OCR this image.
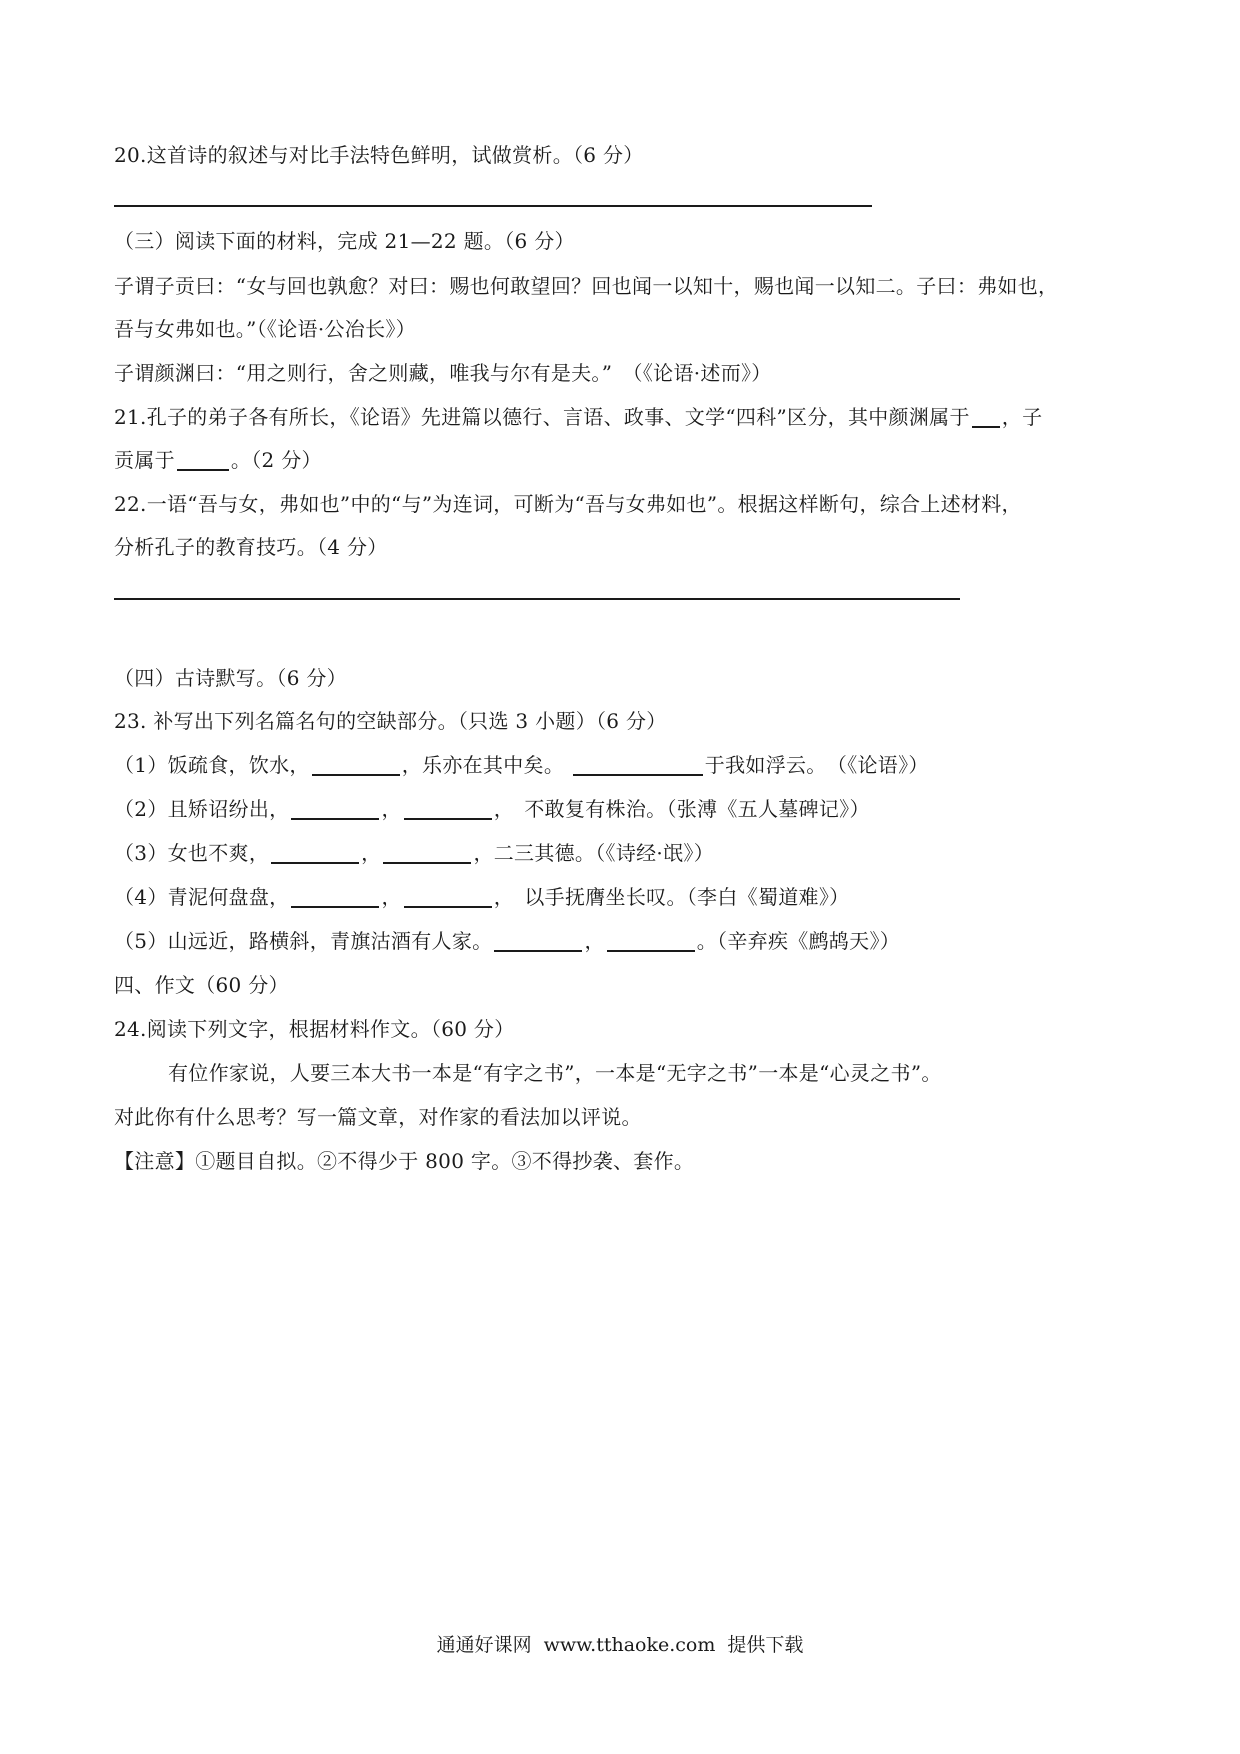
20.这首诗的叙述与对比手法特色鲜明，试做赏析。（6 分）

（三）阅读下面的材料，完成 21—22 题。（6 分）

子谓子贡曰：“女与回也孰愈？对曰：赐也何敢望回？回也闻一以知十，赐也闻一以知二。子曰：弗如也，

吾与女弗如也。”（《论语·公冶长》）

子谓颜渊曰：“用之则行，舍之则藏，唯我与尔有是夫。”　（《论语·述而》）

21.孔子的弟子各有所长，《论语》先进篇以德行、言语、政事、文学“四科”区分，其中颜渊属于 ，子

贡属于	。（2 分）

22.一语“吾与女，弗如也”中的“与”为连词，可断为“吾与女弗如也”。根据这样断句，综合上述材料，

分析孔子的教育技巧。（4 分）

（四）古诗默写。（6 分）

23. 补写出下列名篇名句的空缺部分。（只选 3 小题）（6 分）

（1）饭疏食，饮水，	，乐亦在其中矣。	于我如浮云。　（《论语》）

（2）且矫诏纷出，	，	，　不敢复有株治。（张溥《五人墓碑记》）

（3）女也不爽，	，	，二三其德。（《诗经·氓》）

（4）青泥何盘盘，	，	，　以手抚膺坐长叹。（李白《蜀道难》）

（5）山远近，路横斜，青旗沽酒有人家。	，	。（辛弃疾《鹧鸪天》）

四、作文（60 分）

24.阅读下列文字，根据材料作文。（60 分）

有位作家说，人要三本大书一本是“有字之书”，一本是“无字之书”一本是“心灵之书”。

对此你有什么思考？写一篇文章，对作家的看法加以评说。

【注意】①题目自拟。②不得少于 800 字。③不得抄袭、套作。

通通好课网 www.tthaoke.com 提供下载
